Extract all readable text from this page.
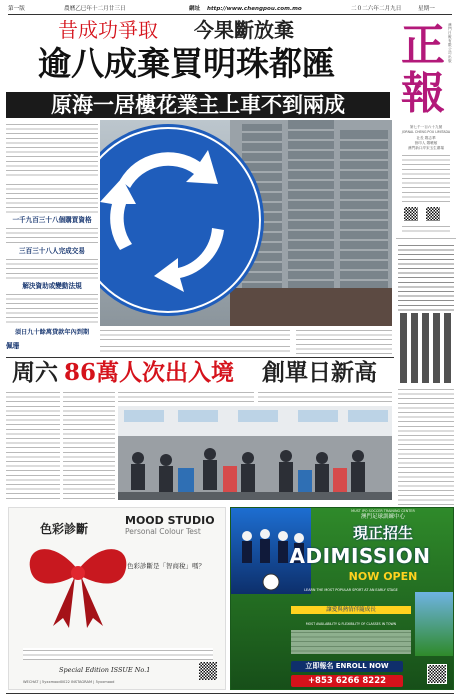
第一版	農曆乙巳年十二月廿三日	網址 http://www.chengpou.com.mo	二０二六年二月九日	星期一
正
報
澳門日報有限公司出版
第七千一百六十九號
JORNAL CHENG POU LIMITADA
社長 鄭志華
督印人 鄭曉敏
澳門新口岸宋玉生廣場
昔成功爭取 今果斷放棄
逾八成棄買明珠都匯
原海一居樓花業主上車不到兩成
一千九百三十八個購買資格
三百三十八人完成交易
解決資助或變動法規
須日九十餘萬貸款年內到期
佩珊
周六 86萬人次出入境 創單日新高
色彩診斷
MOOD STUDIO
Personal Colour Test
色彩診斷是「智商稅」嗎？
Special Edition ISSUE No.1
WECHAT | 5yxxmood0022 INSTAGRAM | 5yxxmood
澳門足球訓練中心
MUST IPO SOCCER TRAINING CENTER
現正招生
ADIMISSION
NOW OPEN
LEARN THE MOST POPULAR SPORT AT AN EARLY STAGE
讓愛與熱情伴隨成長
MOST AVAILABILITY & FLEXIBILITY OF CLASSES IN TOWN
立即報名 ENROLL NOW
+853 6266 8222
